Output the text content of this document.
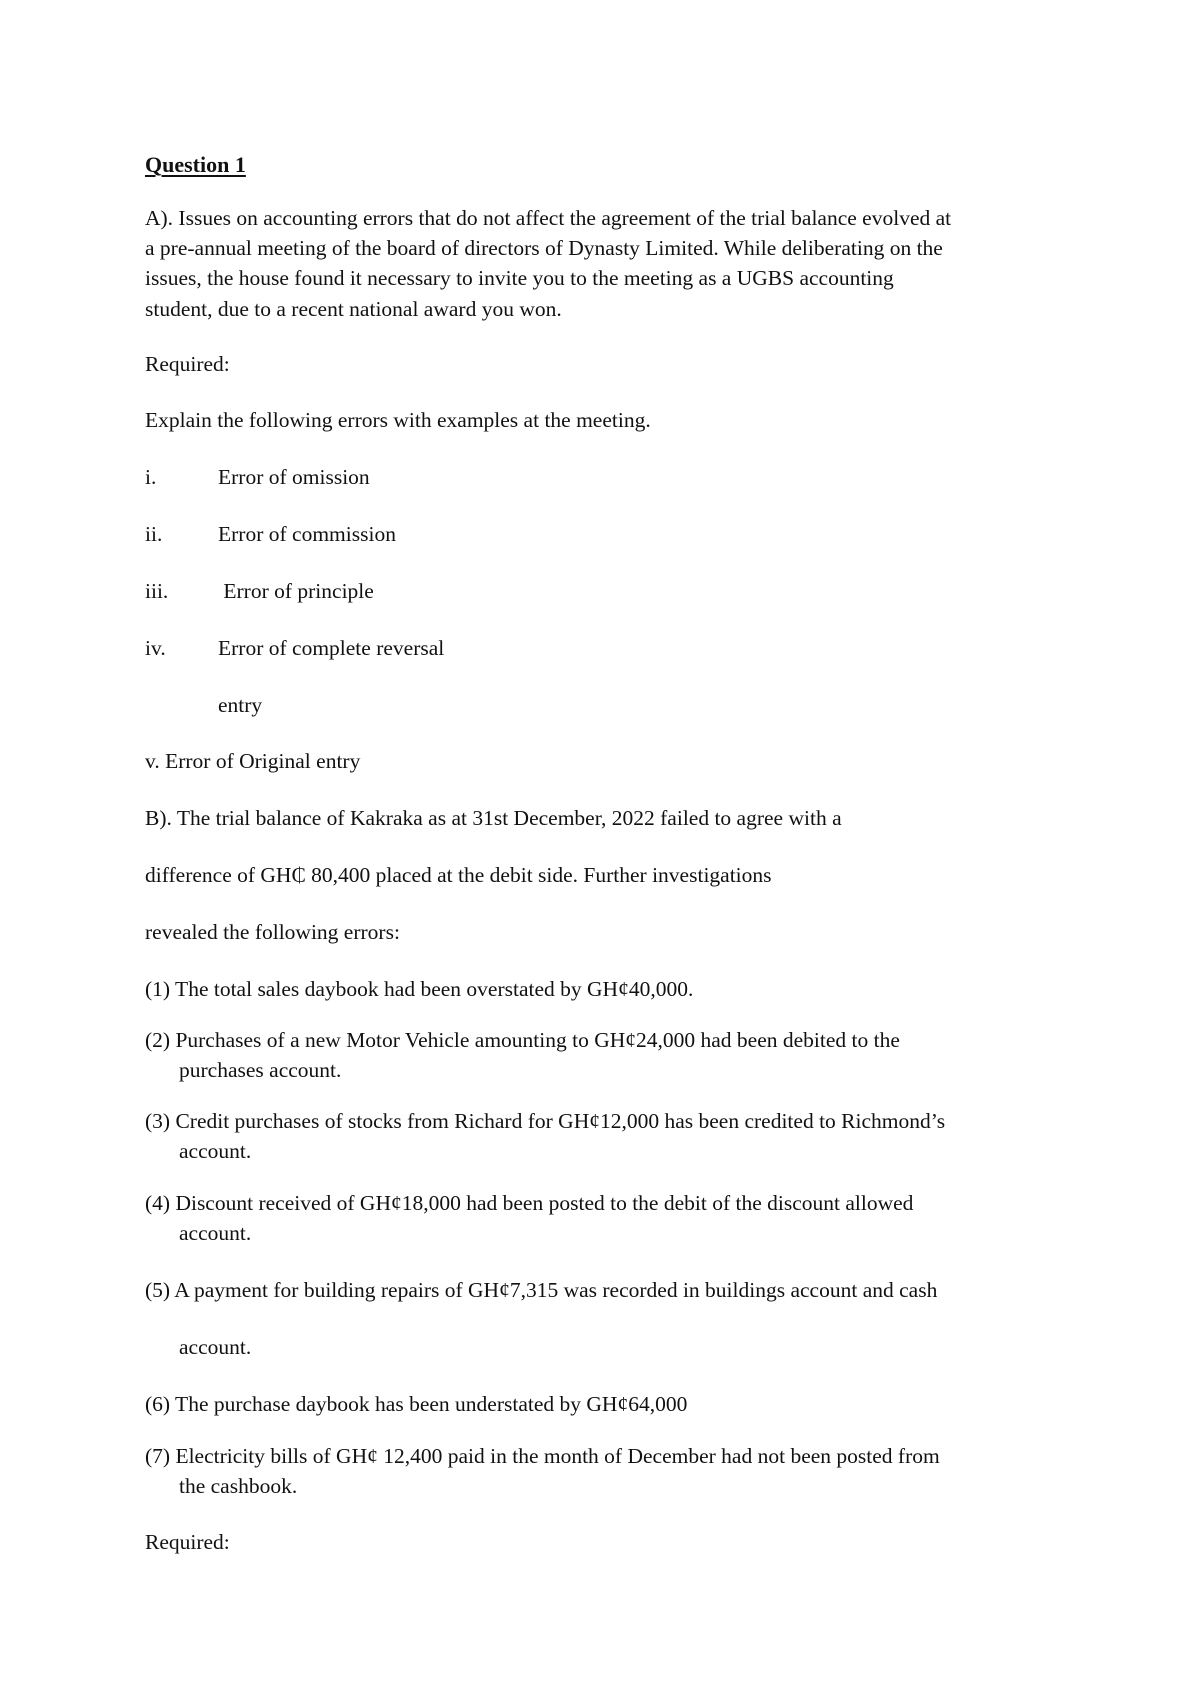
Question 1
A). Issues on accounting errors that do not affect the agreement of the trial balance evolved at
a pre-annual meeting of the board of directors of Dynasty Limited. While deliberating on the
issues, the house found it necessary to invite you to the meeting as a UGBS accounting
student, due to a recent national award you won.
Required:
Explain the following errors with examples at the meeting.
i.	Error of omission
ii.	Error of commission
iii. Error of principle
iv. Error of complete reversal
entry
v. Error of Original entry
B). The trial balance of Kakraka as at 31st December, 2022 failed to agree with a
difference of GH₵ 80,400 placed at the debit side. Further investigations
revealed the following errors:
(1) The total sales daybook had been overstated by GH¢40,000.
(2) Purchases of a new Motor Vehicle amounting to GH¢24,000 had been debited to the
purchases account.
(3) Credit purchases of stocks from Richard for GH¢12,000 has been credited to Richmond’s
account.
(4) Discount received of GH¢18,000 had been posted to the debit of the discount allowed
account.
(5) A payment for building repairs of GH¢7,315 was recorded in buildings account and cash
account.
(6) The purchase daybook has been understated by GH¢64,000
(7) Electricity bills of GH¢ 12,400 paid in the month of December had not been posted from
the cashbook.
Required:
